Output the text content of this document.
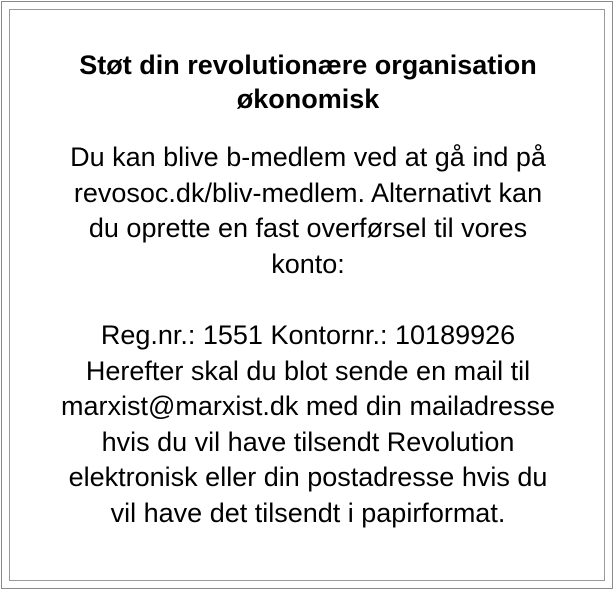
Støt din revolutionære organisation
økonomisk

Du kan blive b-medlem ved at gå ind på
revosoc.dk/bliv-medlem. Alternativt kan
du oprette en fast overførsel til vores
konto:

Reg.nr.: 1551 Kontornr.: 10189926
Herefter skal du blot sende en mail til
marxist@marxist.dk med din mailadresse
hvis du vil have tilsendt Revolution
elektronisk eller din postadresse hvis du
vil have det tilsendt i papirformat.
